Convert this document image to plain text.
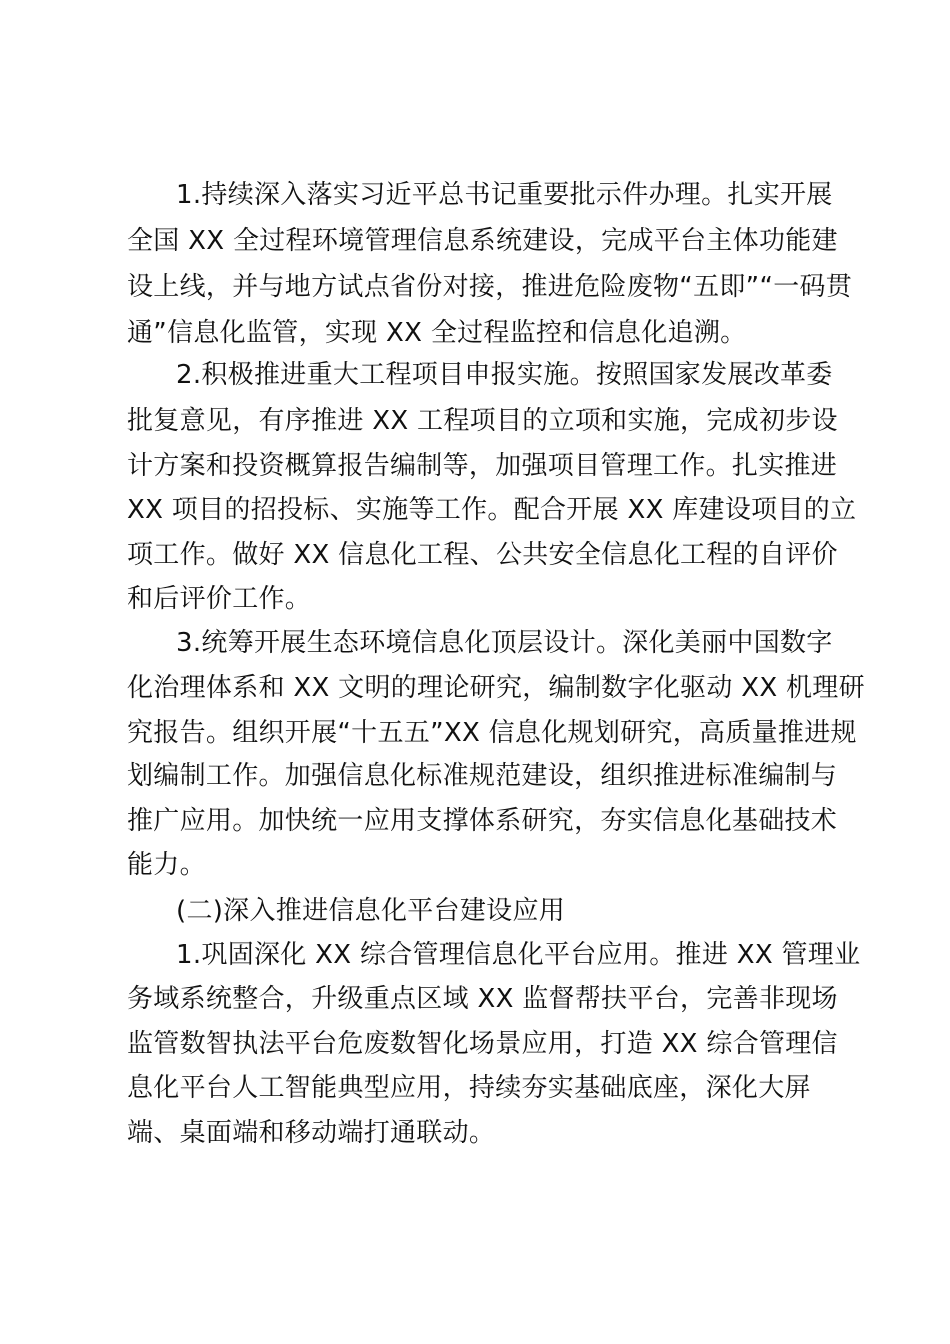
1.持续深入落实习近平总书记重要批示件办理。扎实开展
全国 XX 全过程环境管理信息系统建设，完成平台主体功能建
设上线，并与地方试点省份对接，推进危险废物“五即”“一码贯
通”信息化监管，实现 XX 全过程监控和信息化追溯。
2.积极推进重大工程项目申报实施。按照国家发展改革委
批复意见，有序推进 XX 工程项目的立项和实施，完成初步设
计方案和投资概算报告编制等，加强项目管理工作。扎实推进
XX 项目的招投标、实施等工作。配合开展 XX 库建设项目的立
项工作。做好 XX 信息化工程、公共安全信息化工程的自评价
和后评价工作。
3.统筹开展生态环境信息化顶层设计。深化美丽中国数字
化治理体系和 XX 文明的理论研究，编制数字化驱动 XX 机理研
究报告。组织开展“十五五”XX 信息化规划研究，高质量推进规
划编制工作。加强信息化标准规范建设，组织推进标准编制与
推广应用。加快统一应用支撑体系研究，夯实信息化基础技术
能力。
(二)深入推进信息化平台建设应用
1.巩固深化 XX 综合管理信息化平台应用。推进 XX 管理业
务域系统整合，升级重点区域 XX 监督帮扶平台，完善非现场
监管数智执法平台危废数智化场景应用，打造 XX 综合管理信
息化平台人工智能典型应用，持续夯实基础底座，深化大屏
端、桌面端和移动端打通联动。
